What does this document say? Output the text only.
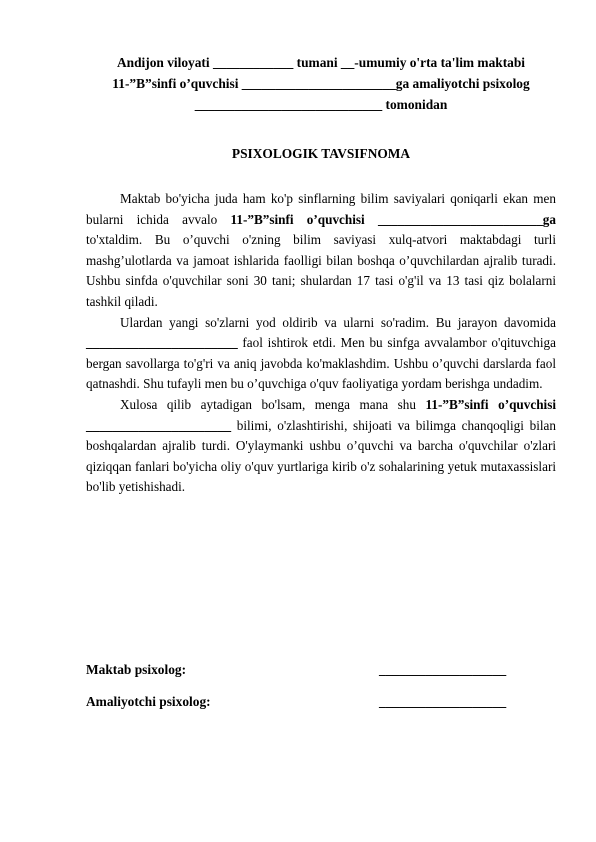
Andijon viloyati ____________ tumani __-umumiy o'rta ta'lim maktabi
11-”B”sinfi o’quvchisi _______________________ga amaliyotchi psixolog
____________________________ tomonidan
PSIXOLOGIK TAVSIFNOMA

Maktab bo'yicha juda ham ko'p sinflarning bilim saviyalari qoniqarli ekan men bularni ichida avvalo 11-”B”sinfi o’quvchisi _________________________ga to'xtaldim. Bu o’quvchi o'zning bilim saviyasi xulq-atvori maktabdagi turli mashg’ulotlarda va jamoat ishlarida faolligi bilan boshqa o’quvchilardan ajralib turadi. Ushbu sinfda o'quvchilar soni 30 tani; shulardan 17 tasi o'g'il va 13 tasi qiz bolalarni tashkil qiladi.

Ulardan yangi so'zlarni yod oldirib va ularni so'radim. Bu jarayon davomida _______________________ faol ishtirok etdi. Men bu sinfga avvalambor o'qituvchiga bergan savollarga to'g'ri va aniq javobda ko'maklashdim. Ushbu o’quvchi darslarda faol qatnashdi. Shu tufayli men bu o’quvchiga o'quv faoliyatiga yordam berishga undadim.

Xulosa qilib aytadigan bo'lsam, menga mana shu 11-”B”sinfi o’quvchisi ______________________ bilimi, o'zlashtirishi, shijoati va bilimga chanqoqligi bilan boshqalardan ajralib turdi. O'ylaymanki ushbu o’quvchi va barcha o'quvchilar o'zlari qiziqqan fanlari bo'yicha oliy o'quv yurtlariga kirib o'z sohalarining yetuk mutaxassislari bo'lib yetishishadi.

Maktab psixolog:	___________________
Amaliyotchi psixolog:	___________________
